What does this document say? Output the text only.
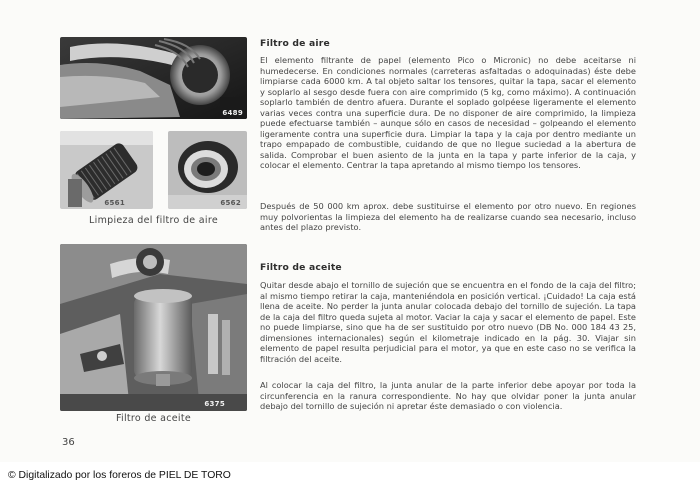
6489
6561	6562
Limpieza del filtro de aire
6375
Filtro de aceite
Filtro de aire

El elemento filtrante de papel (elemento Pico o Micronic) no debe aceitarse ni humedecerse. En condiciones normales (carreteras asfaltadas o adoquinadas) éste debe limpiarse cada 6000 km. A tal objeto saltar los tensores, quitar la tapa, sacar el elemento y soplarlo al sesgo desde fuera con aire comprimido (5 kg, como máximo). A continuación soplarlo también de dentro afuera. Durante el soplado golpéese ligeramente el elemento varias veces contra una superficie dura. De no disponer de aire comprimido, la limpieza puede efectuarse también – aunque sólo en casos de necesidad – golpeando el elemento ligeramente contra una superficie dura. Limpiar la tapa y la caja por dentro mediante un trapo empapado de combustible, cuidando de que no llegue suciedad a la abertura de salida. Comprobar el buen asiento de la junta en la tapa y parte inferior de la caja, y colocar el elemento. Centrar la tapa apretando al mismo tiempo los tensores.

Después de 50 000 km aprox. debe sustituirse el elemento por otro nuevo. En regiones muy polvorientas la limpieza del elemento ha de realizarse cuando sea necesario, incluso antes del plazo previsto.

Filtro de aceite

Quitar desde abajo el tornillo de sujeción que se encuentra en el fondo de la caja del filtro; al mismo tiempo retirar la caja, manteniéndola en posición vertical. ¡Cuidado! La caja está llena de aceite. No perder la junta anular colocada debajo del tornillo de sujeción. La tapa de la caja del filtro queda sujeta al motor. Vaciar la caja y sacar el elemento de papel. Este no puede limpiarse, sino que ha de ser sustituido por otro nuevo (DB No. 000 184 43 25, dimensiones internacionales) según el kilometraje indicado en la pág. 30. Viajar sin elemento de papel resulta perjudicial para el motor, ya que en este caso no se verifica la filtración del aceite.

Al colocar la caja del filtro, la junta anular de la parte inferior debe apoyar por toda la circunferencia en la ranura correspondiente. No hay que olvidar poner la junta anular debajo del tornillo de sujeción ni apretar éste demasiado o con violencia.

36
© Digitalizado por los foreros de PIEL DE TORO
